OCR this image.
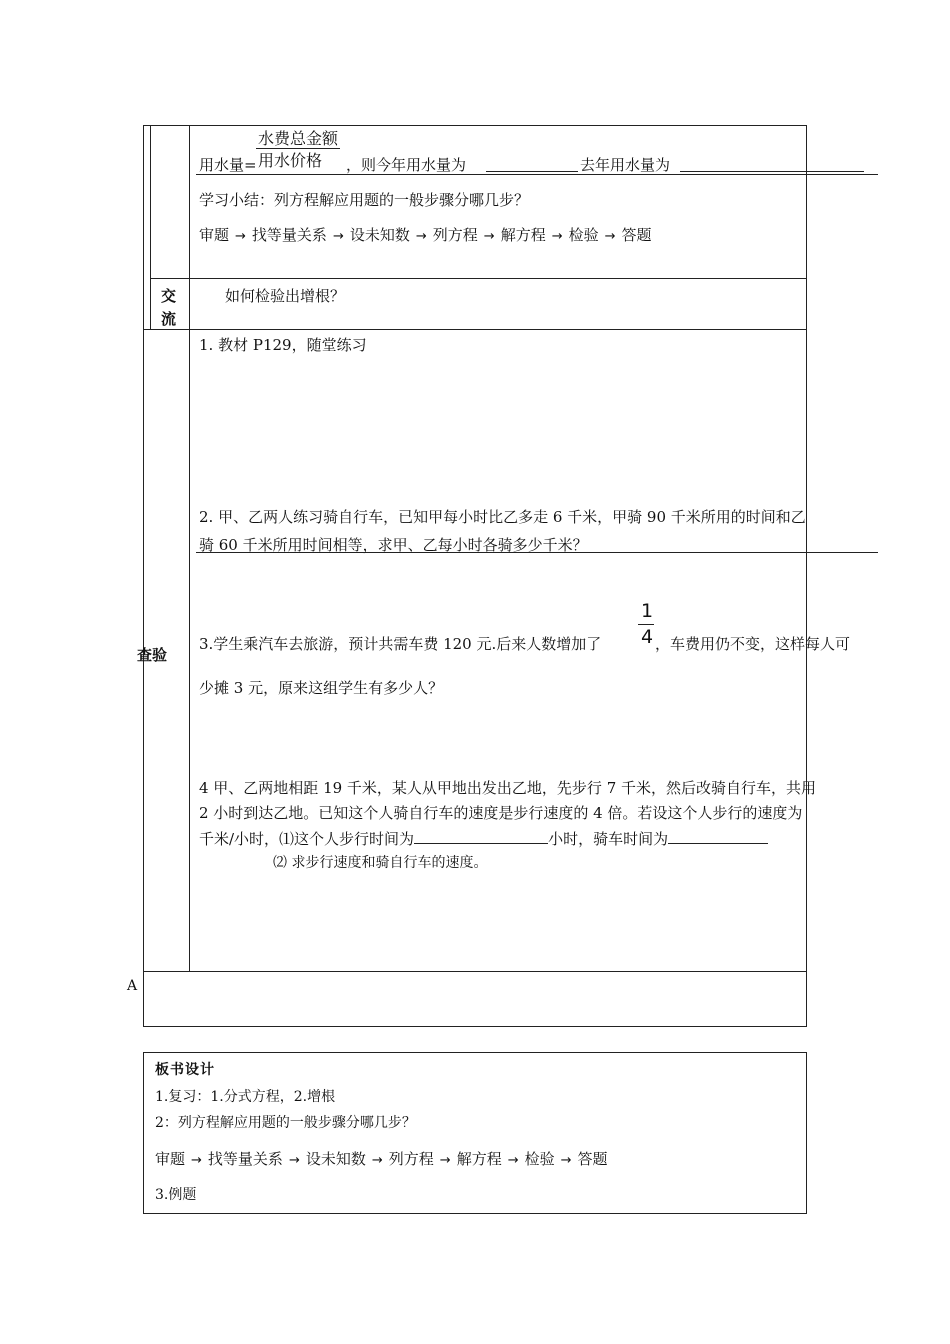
水费总金额
用水价格
用水量=	，则今年用水量为	去年用水量为
学习小结：列方程解应用题的一般步骤分哪几步？
审题 → 找等量关系 → 设未知数 → 列方程 → 解方程 → 检验 → 答题
交
流
如何检验出增根？
查验
1. 教材 P129，随堂练习
2. 甲、乙两人练习骑自行车，已知甲每小时比乙多走 6 千米，甲骑 90 千米所用的时间和乙
骑 60 千米所用时间相等，求甲、乙每小时各骑多少千米？
3.学生乘汽车去旅游，预计共需车费 120 元.后来人数增加了
1
4 ，车费用仍不变，这样每人可
少摊 3 元，原来这组学生有多少人？
4 甲、乙两地相距 19 千米，某人从甲地出发出乙地，先步行 7 千米，然后改骑自行车，共用
2 小时到达乙地。已知这个人骑自行车的速度是步行速度的 4 倍。若设这个人步行的速度为
千米/小时，⑴这个人步行时间为	小时，骑车时间为
⑵ 求步行速度和骑自行车的速度。
A
板书设计
1.复习：1.分式方程，2.增根
2：列方程解应用题的一般步骤分哪几步？
审题 → 找等量关系 → 设未知数 → 列方程 → 解方程 → 检验 → 答题
3.例题
